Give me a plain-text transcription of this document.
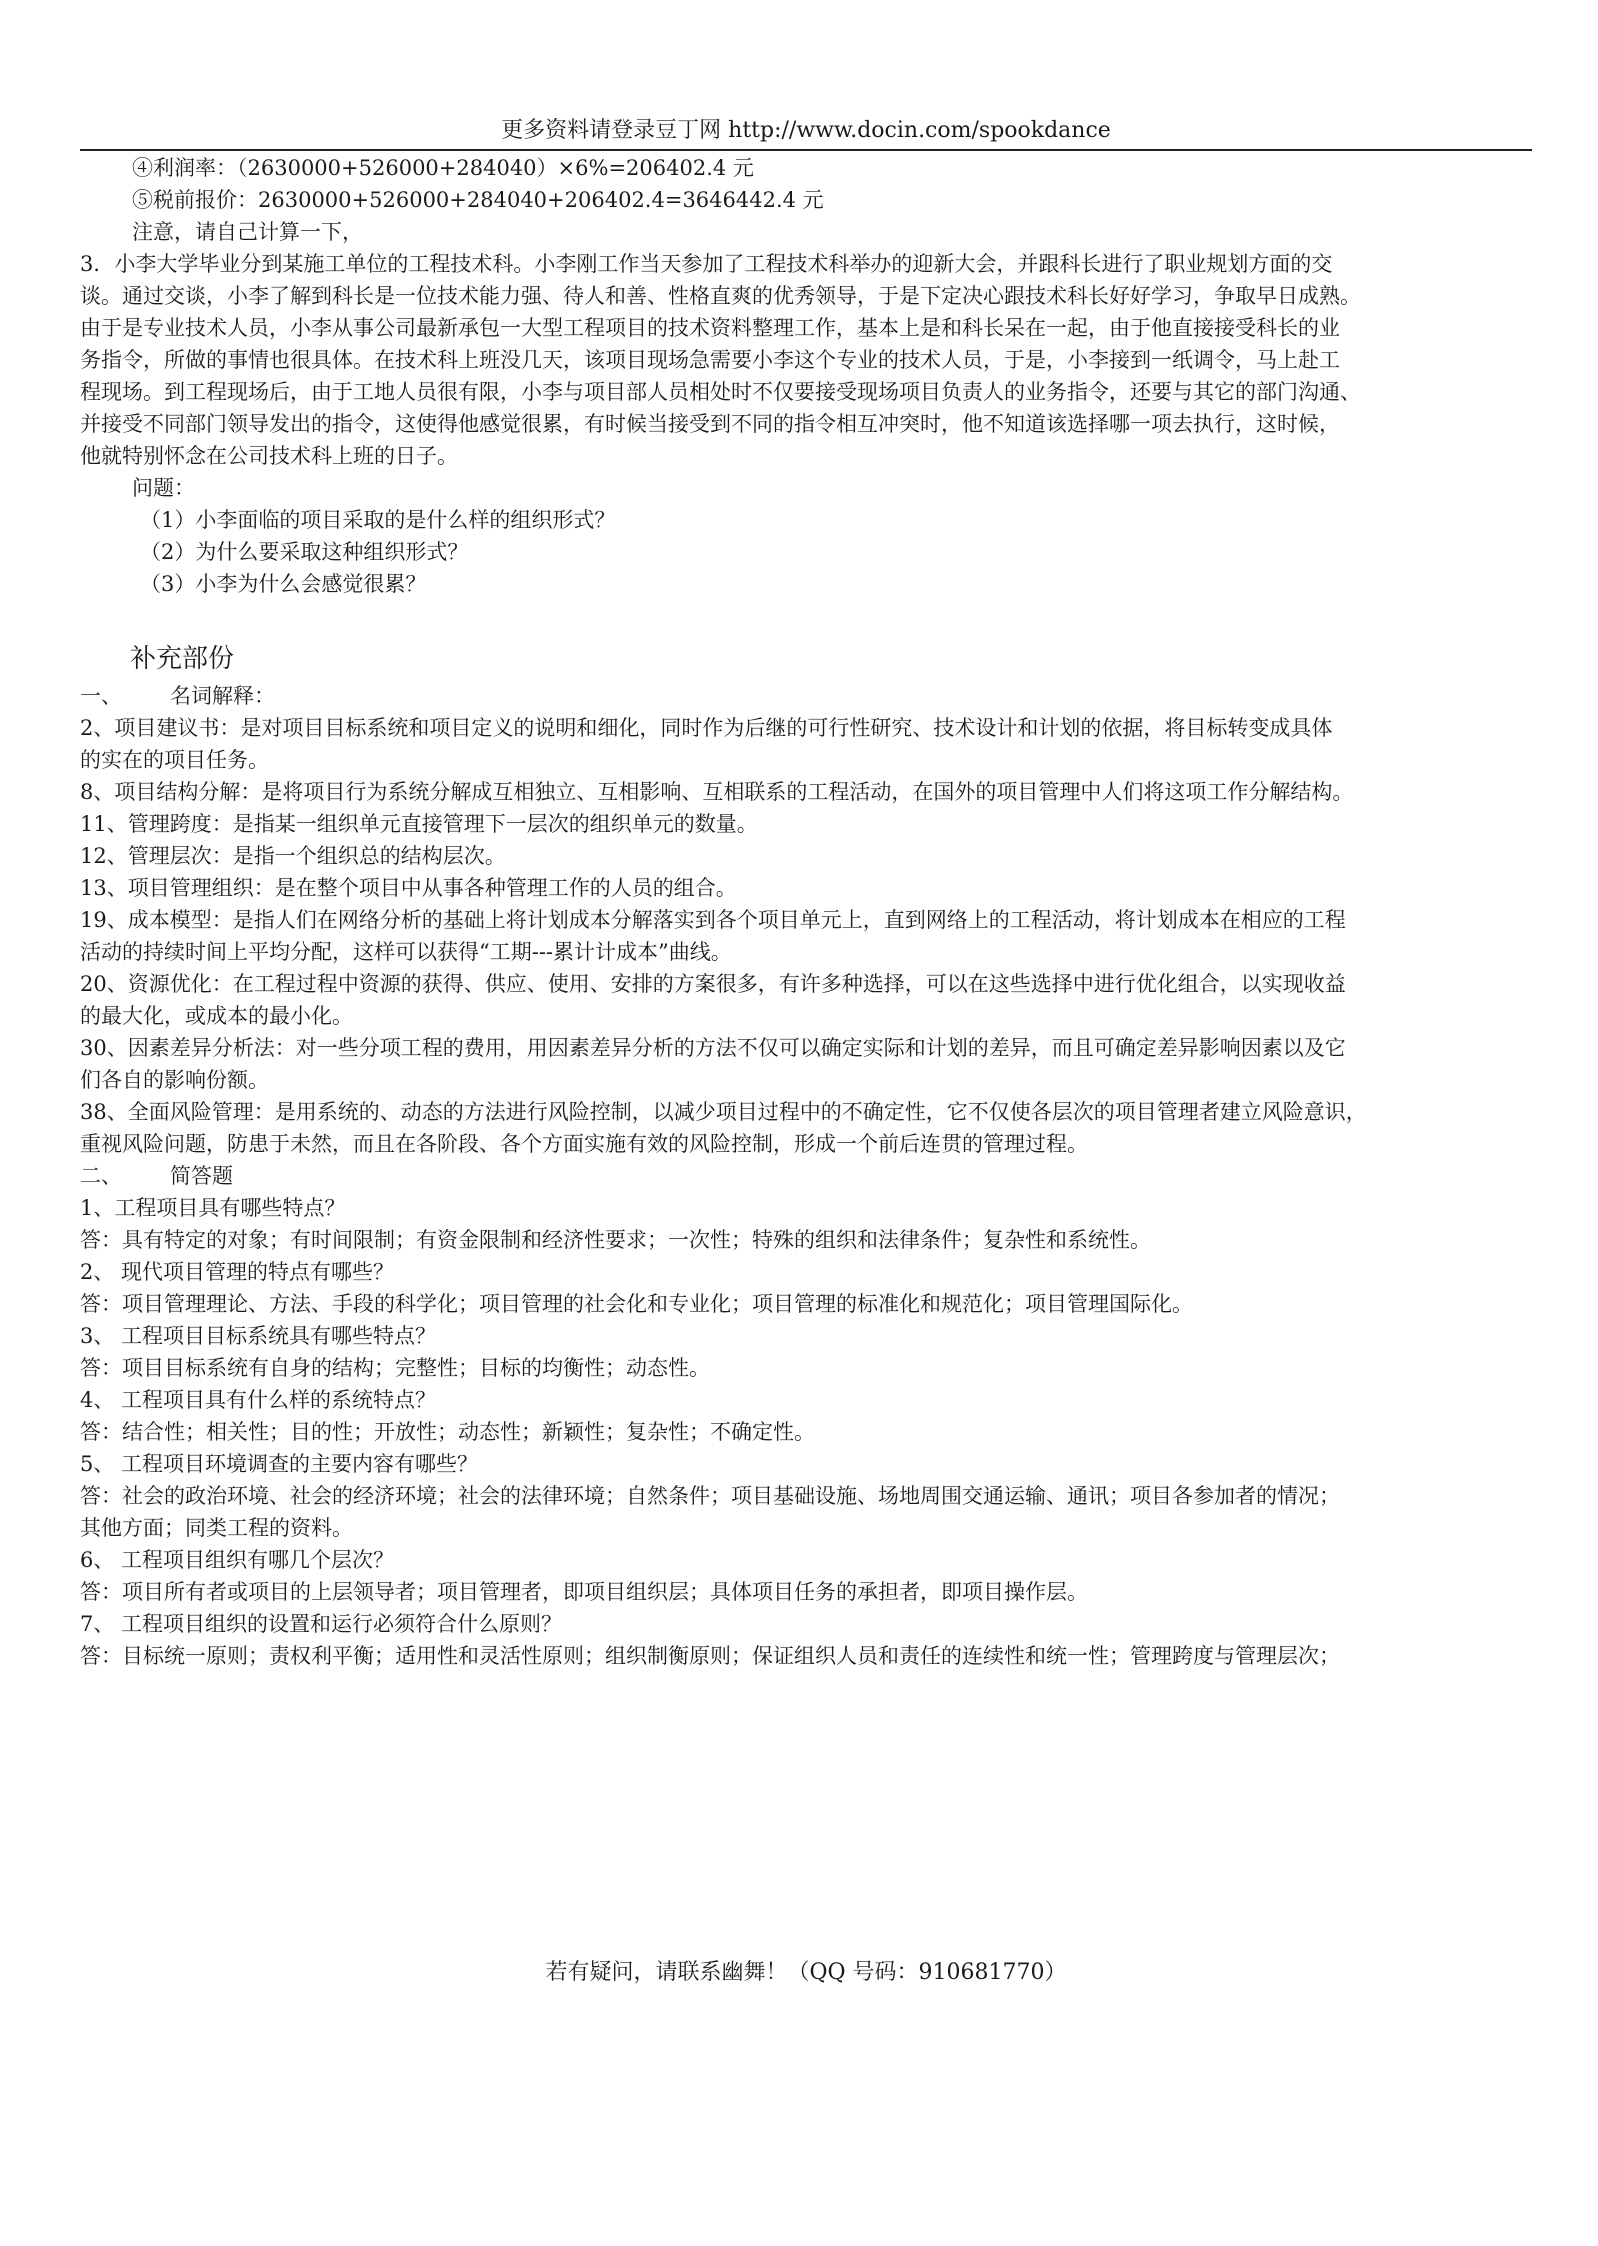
更多资料请登录豆丁网 http://www.docin.com/spookdance

④利润率：（2630000+526000+284040）×6%=206402.4 元

⑤税前报价：2630000+526000+284040+206402.4=3646442.4 元

注意，请自己计算一下，

3．小李大学毕业分到某施工单位的工程技术科。小李刚工作当天参加了工程技术科举办的迎新大会，并跟科长进行了职业规划方面的交

谈。通过交谈，小李了解到科长是一位技术能力强、待人和善、性格直爽的优秀领导，于是下定决心跟技术科长好好学习，争取早日成熟。

由于是专业技术人员，小李从事公司最新承包一大型工程项目的技术资料整理工作，基本上是和科长呆在一起，由于他直接接受科长的业

务指令，所做的事情也很具体。在技术科上班没几天，该项目现场急需要小李这个专业的技术人员，于是，小李接到一纸调令，马上赴工

程现场。到工程现场后，由于工地人员很有限，小李与项目部人员相处时不仅要接受现场项目负责人的业务指令，还要与其它的部门沟通、

并接受不同部门领导发出的指令，这使得他感觉很累，有时候当接受到不同的指令相互冲突时，他不知道该选择哪一项去执行，这时候，

他就特别怀念在公司技术科上班的日子。

问题：

（1）小李面临的项目采取的是什么样的组织形式？

（2）为什么要采取这种组织形式？

（3）小李为什么会感觉很累？

补充部份

一、 名词解释：

2、项目建议书：是对项目目标系统和项目定义的说明和细化，同时作为后继的可行性研究、技术设计和计划的依据，将目标转变成具体

的实在的项目任务。

8、项目结构分解：是将项目行为系统分解成互相独立、互相影响、互相联系的工程活动，在国外的项目管理中人们将这项工作分解结构。

11、管理跨度：是指某一组织单元直接管理下一层次的组织单元的数量。

12、管理层次：是指一个组织总的结构层次。

13、项目管理组织：是在整个项目中从事各种管理工作的人员的组合。

19、成本模型：是指人们在网络分析的基础上将计划成本分解落实到各个项目单元上，直到网络上的工程活动，将计划成本在相应的工程

活动的持续时间上平均分配，这样可以获得“工期---累计计成本”曲线。

20、资源优化：在工程过程中资源的获得、供应、使用、安排的方案很多，有许多种选择，可以在这些选择中进行优化组合，以实现收益

的最大化，或成本的最小化。

30、因素差异分析法：对一些分项工程的费用，用因素差异分析的方法不仅可以确定实际和计划的差异，而且可确定差异影响因素以及它

们各自的影响份额。

38、全面风险管理：是用系统的、动态的方法进行风险控制，以减少项目过程中的不确定性，它不仅使各层次的项目管理者建立风险意识，

重视风险问题，防患于未然，而且在各阶段、各个方面实施有效的风险控制，形成一个前后连贯的管理过程。

二、 简答题

1、工程项目具有哪些特点？

答：具有特定的对象；有时间限制；有资金限制和经济性要求；一次性；特殊的组织和法律条件；复杂性和系统性。

2、 现代项目管理的特点有哪些？

答：项目管理理论、方法、手段的科学化；项目管理的社会化和专业化；项目管理的标准化和规范化；项目管理国际化。

3、 工程项目目标系统具有哪些特点？

答：项目目标系统有自身的结构；完整性；目标的均衡性；动态性。

4、 工程项目具有什么样的系统特点？

答：结合性；相关性；目的性；开放性；动态性；新颖性；复杂性；不确定性。

5、 工程项目环境调查的主要内容有哪些？

答：社会的政治环境、社会的经济环境；社会的法律环境；自然条件；项目基础设施、场地周围交通运输、通讯；项目各参加者的情况；

其他方面；同类工程的资料。

6、 工程项目组织有哪几个层次？

答：项目所有者或项目的上层领导者；项目管理者，即项目组织层；具体项目任务的承担者，即项目操作层。

7、 工程项目组织的设置和运行必须符合什么原则？

答：目标统一原则；责权利平衡；适用性和灵活性原则；组织制衡原则；保证组织人员和责任的连续性和统一性；管理跨度与管理层次；

若有疑问，请联系幽舞！（QQ 号码：910681770）
